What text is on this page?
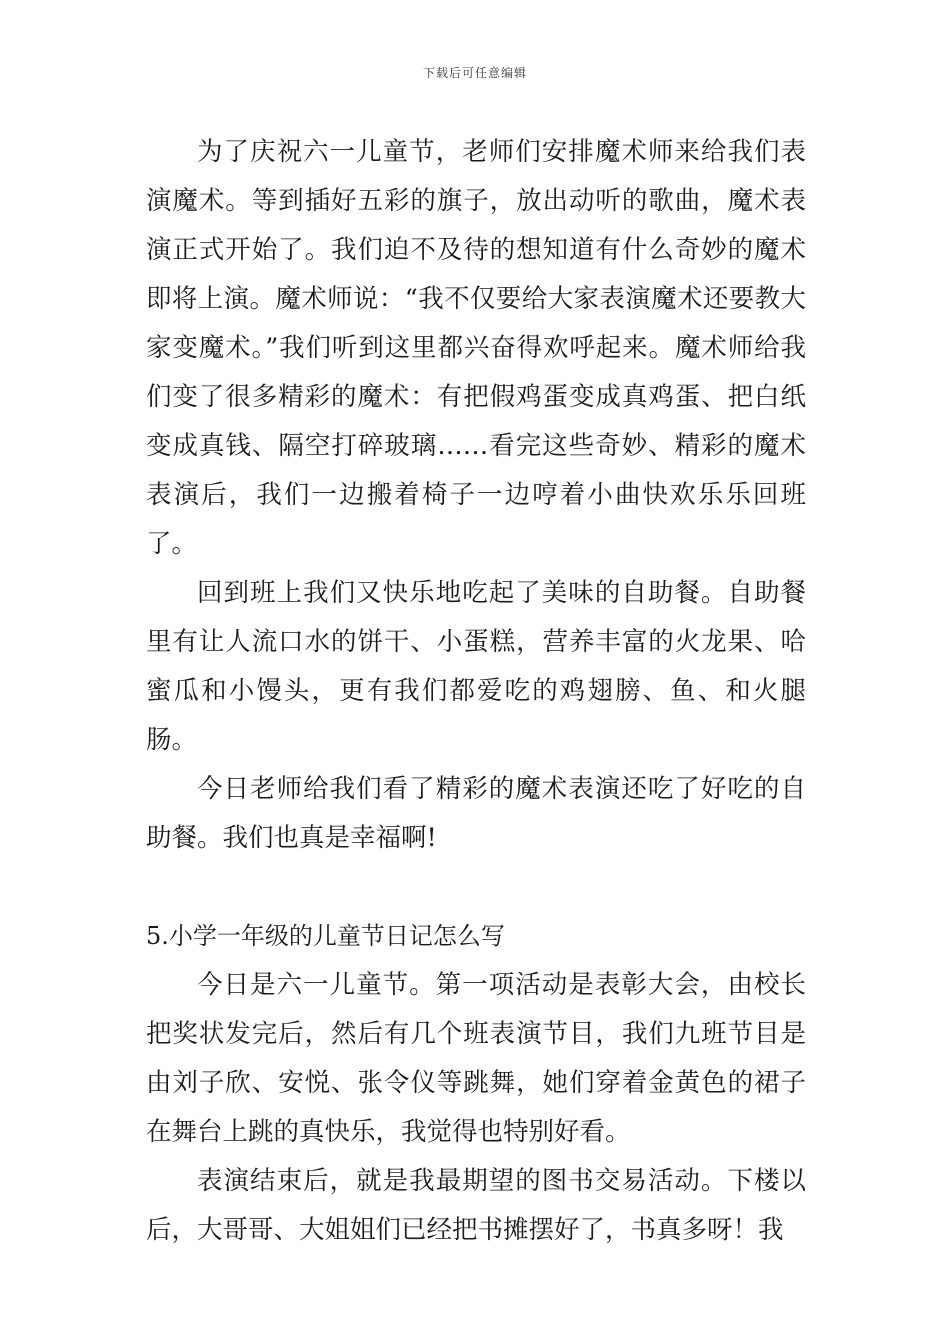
下载后可任意编辑

为了庆祝六一儿童节，老师们安排魔术师来给我们表演魔术。等到插好五彩的旗子，放出动听的歌曲，魔术表演正式开始了。我们迫不及待的想知道有什么奇妙的魔术即将上演。魔术师说：“我不仅要给大家表演魔术还要教大家变魔术。”我们听到这里都兴奋得欢呼起来。魔术师给我们变了很多精彩的魔术：有把假鸡蛋变成真鸡蛋、把白纸变成真钱、隔空打碎玻璃……看完这些奇妙、精彩的魔术表演后，我们一边搬着椅子一边哼着小曲快欢乐乐回班了。

回到班上我们又快乐地吃起了美味的自助餐。自助餐里有让人流口水的饼干、小蛋糕，营养丰富的火龙果、哈蜜瓜和小馒头，更有我们都爱吃的鸡翅膀、鱼、和火腿肠。

今日老师给我们看了精彩的魔术表演还吃了好吃的自助餐。我们也真是幸福啊!

5.小学一年级的儿童节日记怎么写

今日是六一儿童节。第一项活动是表彰大会，由校长把奖状发完后，然后有几个班表演节目，我们九班节目是由刘子欣、安悦、张令仪等跳舞，她们穿着金黄色的裙子在舞台上跳的真快乐，我觉得也特别好看。

表演结束后，就是我最期望的图书交易活动。下楼以后，大哥哥、大姐姐们已经把书摊摆好了，书真多呀！我
